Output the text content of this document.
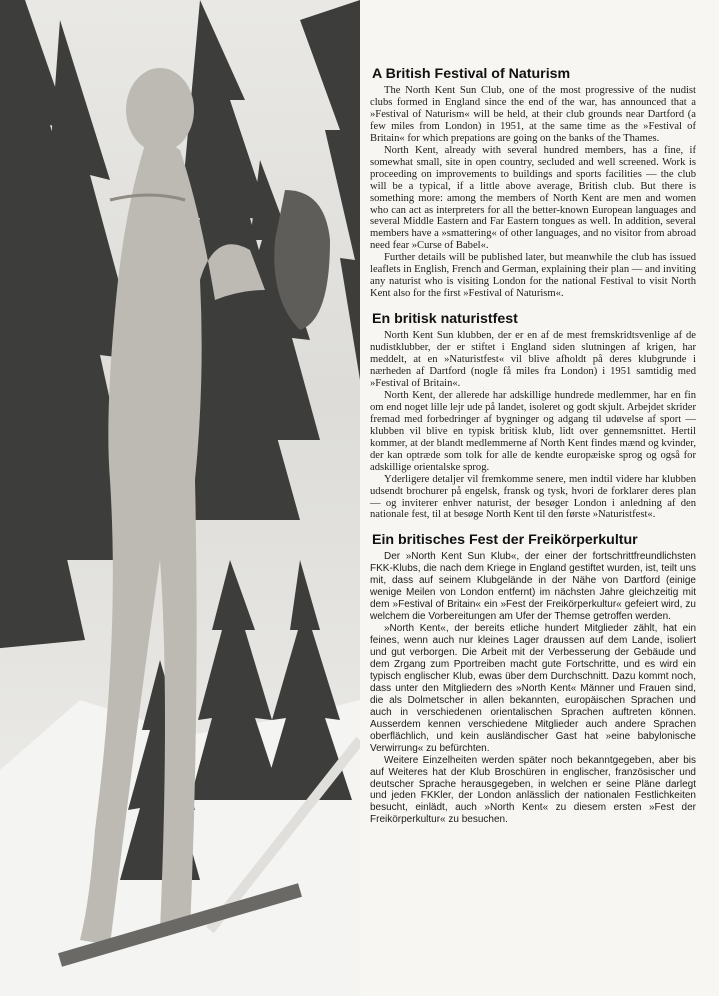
A British Festival of Naturism

The North Kent Sun Club, one of the most progressive of the nudist clubs formed in England since the end of the war, has announced that a »Festival of Naturism« will be held, at their club grounds near Dartford (a few miles from London) in 1951, at the same time as the »Festival of Britain« for which prepations are going on the banks of the Thames.

North Kent, already with several hundred members, has a fine, if somewhat small, site in open country, secluded and well screened. Work is proceeding on improvements to buildings and sports facilities — the club will be a typical, if a little above average, British club. But there is something more: among the members of North Kent are men and women who can act as interpreters for all the better-known European languages and several Middle Eastern and Far Eastern tongues as well. In addition, several members have a »smattering« of other languages, and no visitor from abroad need fear »Curse of Babel«.

Further details will be published later, but meanwhile the club has issued leaflets in English, French and German, explaining their plan — and inviting any naturist who is visiting London for the national Festival to visit North Kent also for the first »Festival of Naturism«.

En britisk naturistfest

North Kent Sun klubben, der er en af de mest fremskridtsvenlige af de nudistklubber, der er stiftet i England siden slutningen af krigen, har meddelt, at en »Naturistfest« vil blive afholdt på deres klubgrunde i nærheden af Dartford (nogle få miles fra London) i 1951 samtidig med »Festival of Britain«.

North Kent, der allerede har adskillige hundrede medlemmer, har en fin om end noget lille lejr ude på landet, isoleret og godt skjult. Arbejdet skrider fremad med forbedringer af bygninger og adgang til udøvelse af sport — klubben vil blive en typisk britisk klub, lidt over gennemsnittet. Hertil kommer, at der blandt medlemmerne af North Kent findes mænd og kvinder, der kan optræde som tolk for alle de kendte europæiske sprog og også for adskillige orientalske sprog.

Yderligere detaljer vil fremkomme senere, men indtil videre har klubben udsendt brochurer på engelsk, fransk og tysk, hvori de forklarer deres plan — og inviterer enhver naturist, der besøger London i anledning af den nationale fest, til at besøge North Kent til den første »Naturistfest«.

Ein britisches Fest der Freikörperkultur

Der »North Kent Sun Klub«, der einer der fortschrittfreundlichsten FKK-Klubs, die nach dem Kriege in England gestiftet wurden, ist, teilt uns mit, dass auf seinem Klubgelände in der Nähe von Dartford (einige wenige Meilen von London entfernt) im nächsten Jahre gleichzeitig mit dem »Festival of Britain« ein »Fest der Freikörperkultur« gefeiert wird, zu welchem die Vorbereitungen am Ufer der Themse getroffen werden.

»North Kent«, der bereits etliche hundert Mitglieder zählt, hat ein feines, wenn auch nur kleines Lager draussen auf dem Lande, isoliert und gut verborgen. Die Arbeit mit der Verbesserung der Gebäude und dem Zrgang zum Pportreiben macht gute Fortschritte, und es wird ein typisch englischer Klub, ewas über dem Durchschnitt. Dazu kommt noch, dass unter den Mitgliedern des »North Kent« Männer und Frauen sind, die als Dolmetscher in allen bekannten, europäischen Sprachen und auch in verschiedenen orientalischen Sprachen auftreten können. Ausserdem kennen verschiedene Mitglieder auch andere Sprachen oberflächlich, und kein ausländischer Gast hat »eine babylonische Verwirrung« zu befürchten.

Weitere Einzelheiten werden später noch bekanntgegeben, aber bis auf Weiteres hat der Klub Broschüren in englischer, französischer und deutscher Sprache herausgegeben, in welchen er seine Pläne darlegt und jeden FKKler, der London anlässlich der nationalen Festlichkeiten besucht, einlädt, auch »North Kent« zu diesem ersten »Fest der Freikörperkultur« zu besuchen.
